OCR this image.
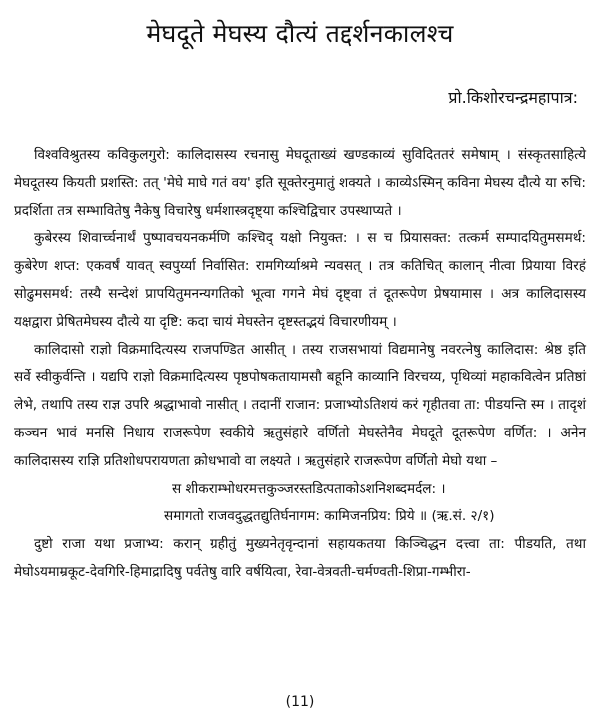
मेघदूते मेघस्य दौत्यं तद्दर्शनकालश्च
प्रो.किशोरचन्द्रमहापात्र:

विश्वविश्रुतस्य कविकुलगुरो: कालिदासस्य रचनासु मेघदूताख्यं खण्डकाव्यं सुविदिततरं समेषाम् । संस्कृतसाहित्ये मेघदूतस्य कियती प्रशस्ति: तत् 'मेघे माघे गतं वय' इति सूक्तेरनुमातुं शक्यते । काव्येऽस्मिन् कविना मेघस्य दौत्ये या रुचि: प्रदर्शिता तत्र सम्भावितेषु नैकेषु विचारेषु धर्मशास्त्रदृष्ट्या कश्चिद्विचार उपस्थाप्यते ।

कुबेरस्य शिवार्च्चनार्थं पुष्पावचयनकर्मणि कश्चिद् यक्षो नियुक्त: । स च प्रियासक्त: तत्कर्म सम्पादयितुमसमर्थ: कुबेरेण शप्त: एकवर्षं यावत् स्वपुर्य्या निर्वासित: रामगिर्य्याश्रमे न्यवसत् । तत्र कतिचित् कालान् नीत्वा प्रियाया विरहं सोढुमसमर्थ: तस्यै सन्देशं प्रापयितुमनन्यगतिको भूत्वा गगने मेघं दृष्ट्वा तं दूतरूपेण प्रेषयामास । अत्र कालिदासस्य यक्षद्वारा प्रेषितमेघस्य दौत्ये या दृष्टि: कदा चायं मेघस्तेन दृष्टस्तद्भयं विचारणीयम् ।

कालिदासो राज्ञो विक्रमादित्यस्य राजपण्डित आसीत् । तस्य राजसभायां विद्यमानेषु नवरत्नेषु कालिदास: श्रेष्ठ इति सर्वे स्वीकुर्वन्ति । यद्यपि राज्ञो विक्रमादित्यस्य पृष्ठपोषकतायामसौ बहूनि काव्यानि विरचय्य, पृथिव्यां महाकवित्वेन प्रतिष्ठां लेभे, तथापि तस्य राज्ञ उपरि श्रद्धाभावो नासीत् । तदानीं राजान: प्रजाभ्योऽतिशयं करं गृहीतवा ता: पीडयन्ति स्म । तादृशं कञ्चन भावं मनसि निधाय राजरूपेण स्वकीये ऋतुसंहारे वर्णितो मेघस्तेनैव मेघदूते दूतरूपेण वर्णित: । अनेन कालिदासस्य राज्ञि प्रतिशोधपरायणता क्रोधभावो वा लक्ष्यते । ऋतुसंहारे राजरूपेण वर्णितो मेघो यथा –

स शीकराम्भोधरमत्तकुञ्जरस्तडित्पताकोऽशनिशब्दमर्दल: ।

समागतो राजवदुद्धतद्युतिर्घनागम: कामिजनप्रिय: प्रिये ॥ (ऋ.सं. २/१)

दुष्टो राजा यथा प्रजाभ्य: करान् ग्रहीतुं मुख्यनेतृवृन्दानां सहायकतया किञ्चिद्धन दत्त्वा ता: पीडयति, तथा मेघोऽयमाम्रकूट-देवगिरि-हिमाद्रादिषु पर्वतेषु वारि वर्षयित्वा, रेवा-वेत्रवती-चर्मण्वती-शिप्रा-गम्भीरा-

(11)
